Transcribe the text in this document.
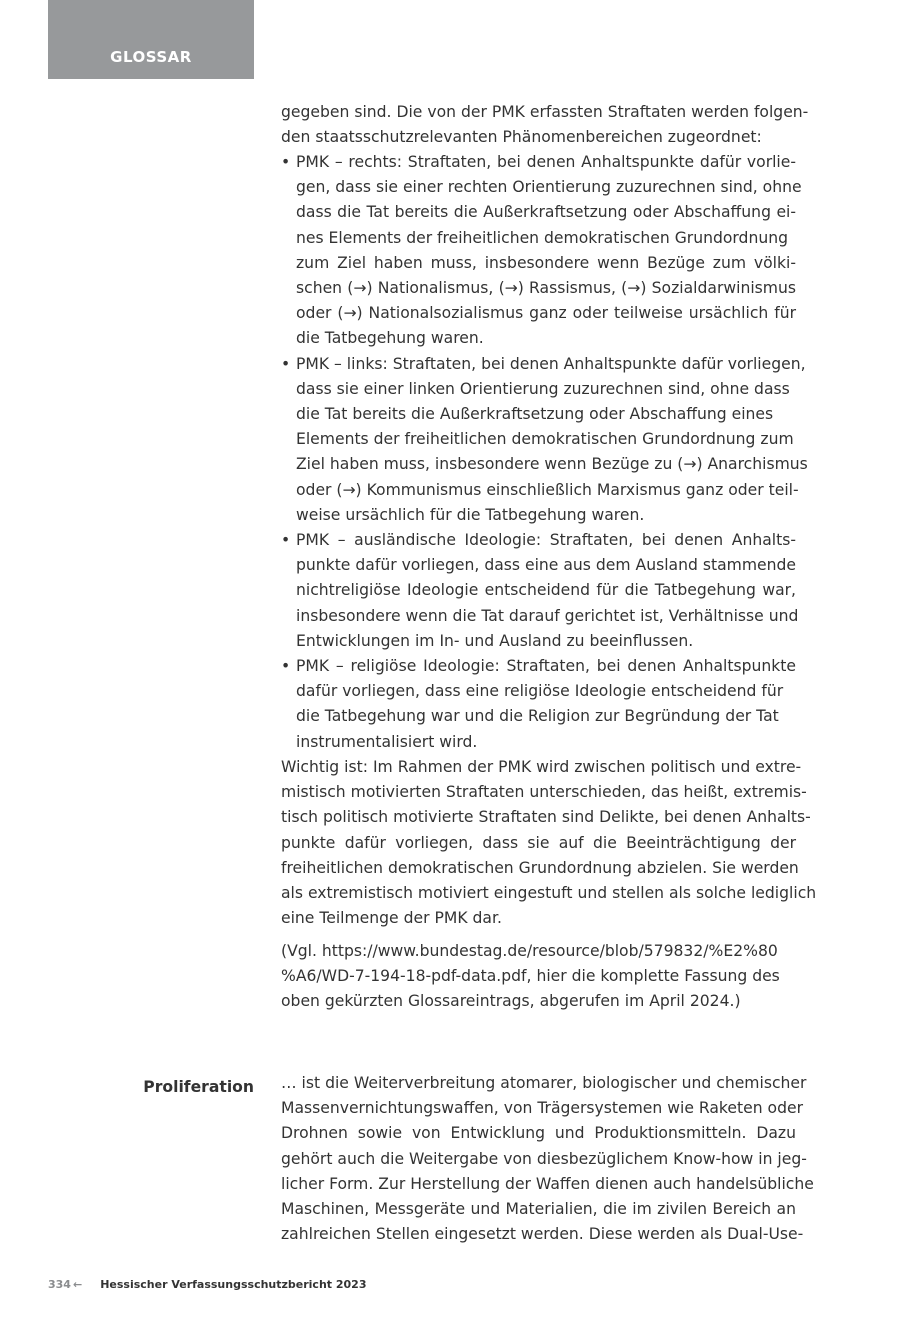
GLOSSAR
gegeben sind. Die von der PMK erfassten Straftaten werden folgen-
den staatsschutzrelevanten Phänomenbereichen zugeordnet:
• PMK – rechts: Straftaten, bei denen Anhaltspunkte dafür vorlie-
gen, dass sie einer rechten Orientierung zuzurechnen sind, ohne
dass die Tat bereits die Außerkraftsetzung oder Abschaffung ei-
nes Elements der freiheitlichen demokratischen Grundordnung
zum Ziel haben muss, insbesondere wenn Bezüge zum völki-
schen (→) Nationalismus, (→) Rassismus, (→) Sozialdarwinismus
oder (→) Nationalsozialismus ganz oder teilweise ursächlich für
die Tatbegehung waren.
• PMK – links: Straftaten, bei denen Anhaltspunkte dafür vorliegen,
dass sie einer linken Orientierung zuzurechnen sind, ohne dass
die Tat bereits die Außerkraftsetzung oder Abschaffung eines
Elements der freiheitlichen demokratischen Grundordnung zum
Ziel haben muss, insbesondere wenn Bezüge zu (→) Anarchismus
oder (→) Kommunismus einschließlich Marxismus ganz oder teil-
weise ursächlich für die Tatbegehung waren.
• PMK – ausländische Ideologie: Straftaten, bei denen Anhalts-
punkte dafür vorliegen, dass eine aus dem Ausland stammende
nichtreligiöse Ideologie entscheidend für die Tatbegehung war,
insbesondere wenn die Tat darauf gerichtet ist, Verhältnisse und
Entwicklungen im In- und Ausland zu beeinflussen.
• PMK – religiöse Ideologie: Straftaten, bei denen Anhaltspunkte
dafür vorliegen, dass eine religiöse Ideologie entscheidend für
die Tatbegehung war und die Religion zur Begründung der Tat
instrumentalisiert wird.
Wichtig ist: Im Rahmen der PMK wird zwischen politisch und extre-
mistisch motivierten Straftaten unterschieden, das heißt, extremis-
tisch politisch motivierte Straftaten sind Delikte, bei denen Anhalts-
punkte dafür vorliegen, dass sie auf die Beeinträchtigung der
freiheitlichen demokratischen Grundordnung abzielen. Sie werden
als extremistisch motiviert eingestuft und stellen als solche lediglich
eine Teilmenge der PMK dar.
(Vgl. https://www.bundestag.de/resource/blob/579832/%E2%80
%A6/WD-7-194-18-pdf-data.pdf, hier die komplette Fassung des
oben gekürzten Glossareintrags, abgerufen im April 2024.)
Proliferation … ist die Weiterverbreitung atomarer, biologischer und chemischer
Massenvernichtungswaffen, von Trägersystemen wie Raketen oder
Drohnen sowie von Entwicklung und Produktionsmitteln. Dazu
gehört auch die Weitergabe von diesbezüglichem Know-how in jeg-
licher Form. Zur Herstellung der Waffen dienen auch handelsübliche
Maschinen, Messgeräte und Materialien, die im zivilen Bereich an
zahlreichen Stellen eingesetzt werden. Diese werden als Dual-Use-
334 ← Hessischer Verfassungsschutzbericht 2023
